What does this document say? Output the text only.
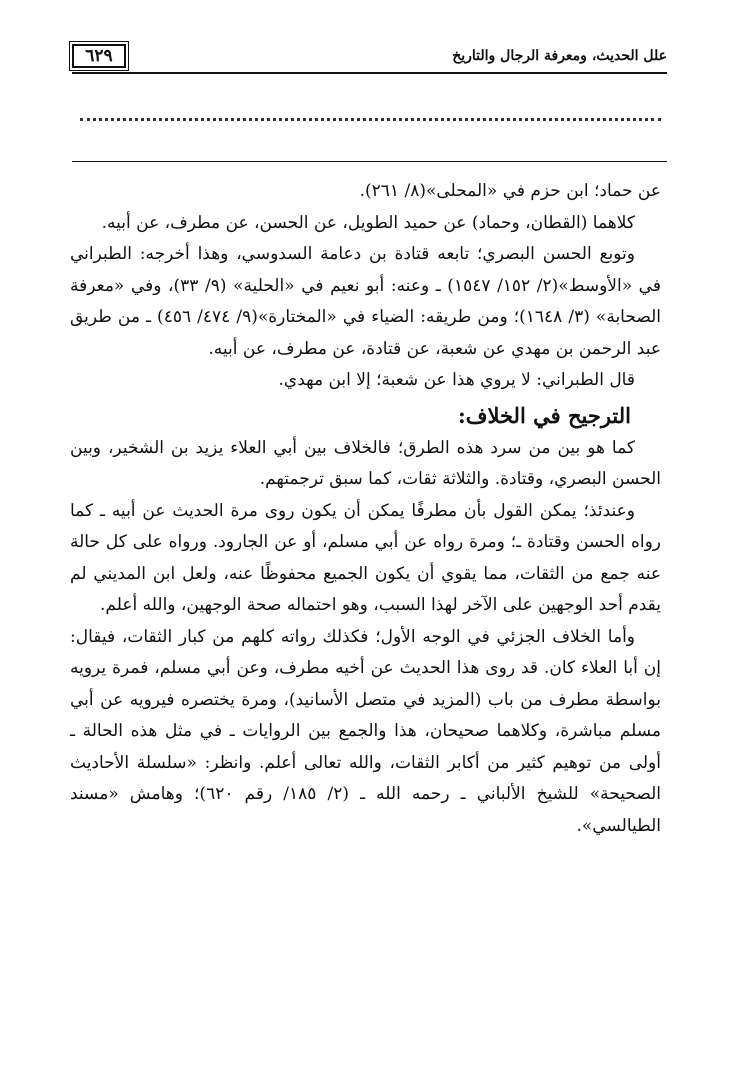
٦٢٩	علل الحديث، ومعرفة الرجال والتاريخ

عن حماد؛ ابن حزم في «المحلى»(٨/ ٢٦١).

كلاهما (القطان، وحماد) عن حميد الطويل، عن الحسن، عن مطرف، عن أبيه.

وتوبع الحسن البصري؛ تابعه قتادة بن دعامة السدوسي، وهذا أخرجه: الطبراني في «الأوسط»(٢/ ١٥٢/ ١٥٤٧) ـ وعنه: أبو نعيم في «الحلية» (٩/ ٣٣)، وفي «معرفة الصحابة» (٣/ ١٦٤٨)؛ ومن طريقه: الضياء في «المختارة»(٩/ ٤٧٤/ ٤٥٦) ـ من طريق عبد الرحمن بن مهدي عن شعبة، عن قتادة، عن مطرف، عن أبيه.

قال الطبراني: لا يروي هذا عن شعبة؛ إلا ابن مهدي.

الترجيح في الخلاف:

كما هو بين من سرد هذه الطرق؛ فالخلاف بين أبي العلاء يزيد بن الشخير، وبين الحسن البصري، وقتادة. والثلاثة ثقات، كما سبق ترجمتهم.

وعندئذ؛ يمكن القول بأن مطرفًا يمكن أن يكون روى مرة الحديث عن أبيه ـ كما رواه الحسن وقتادة ـ؛ ومرة رواه عن أبي مسلم، أو عن الجارود. ورواه على كل حالة عنه جمع من الثقات، مما يقوي أن يكون الجميع محفوظًا عنه، ولعل ابن المديني لم يقدم أحد الوجهين على الآخر لهذا السبب، وهو احتماله صحة الوجهين، والله أعلم.

وأما الخلاف الجزئي في الوجه الأول؛ فكذلك رواته كلهم من كبار الثقات، فيقال: إن أبا العلاء كان. قد روى هذا الحديث عن أخيه مطرف، وعن أبي مسلم، فمرة يرويه بواسطة مطرف من باب (المزيد في متصل الأسانيد)، ومرة يختصره فيرويه عن أبي مسلم مباشرة، وكلاهما صحيحان، هذا والجمع بين الروايات ـ في مثل هذه الحالة ـ أولى من توهيم كثير من أكابر الثقات، والله تعالى أعلم. وانظر: «سلسلة الأحاديث الصحيحة» للشيخ الألباني ـ رحمه الله ـ (٢/ ١٨٥/ رقم ٦٢٠)؛ وهامش «مسند الطيالسي».
